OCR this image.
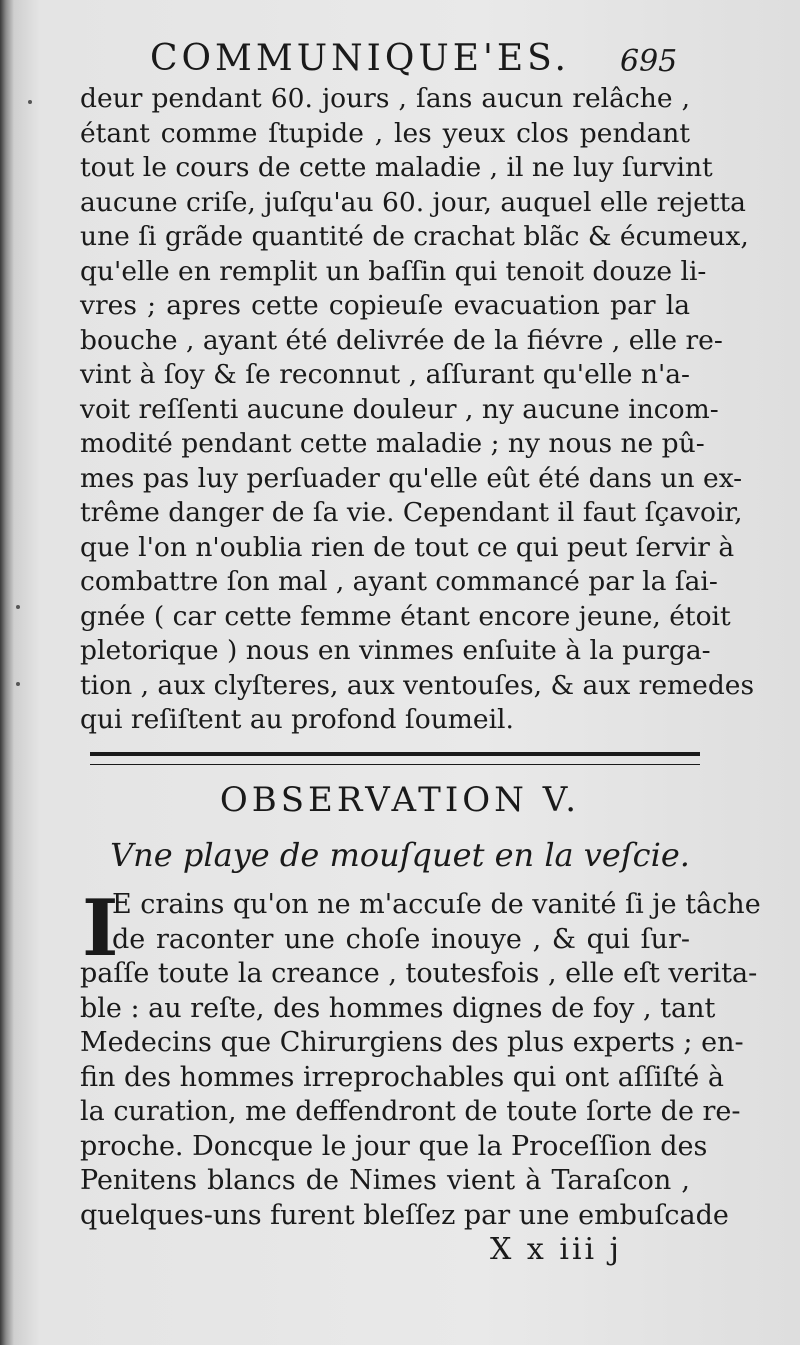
COMMUNIQUE'ES. 695
deur pendant 60. jours , ſans aucun relâche ,
étant comme ſtupide , les yeux clos pendant
tout le cours de cette maladie , il ne luy ſurvint
aucune criſe, juſqu'au 60. jour, auquel elle rejetta
une ſi grãde quantité de crachat blãc & écumeux,
qu'elle en remplit un baſſin qui tenoit douze li-
vres ; apres cette copieuſe evacuation par la
bouche , ayant été delivrée de la fiévre , elle re-
vint à ſoy & ſe reconnut , aſſurant qu'elle n'a-
voit reſſenti aucune douleur , ny aucune incom-
modité pendant cette maladie ; ny nous ne pû-
mes pas luy perſuader qu'elle eût été dans un ex-
trême danger de ſa vie. Cependant il faut ſçavoir,
que l'on n'oublia rien de tout ce qui peut ſervir à
combattre ſon mal , ayant commancé par la ſai-
gnée ( car cette femme étant encore jeune, étoit
pletorique ) nous en vinmes enſuite à la purga-
tion , aux clyſteres, aux ventouſes, & aux remedes
qui reſiſtent au profond ſoumeil.
OBSERVATION V.
Vne playe de mouſquet en la veſcie.
I
E crains qu'on ne m'accuſe de vanité ſi je tâche
de raconter une choſe inouye , & qui ſur-
paſſe toute la creance , toutesfois , elle eſt verita-
ble : au reſte, des hommes dignes de foy , tant
Medecins que Chirurgiens des plus experts ; en-
fin des hommes irreprochables qui ont aſſiſté à
la curation, me deffendront de toute ſorte de re-
proche. Doncque le jour que la Proceſſion des
Penitens blancs de Nimes vient à Taraſcon ,
quelques-uns furent bleſſez par une embuſcade
X x iii j
